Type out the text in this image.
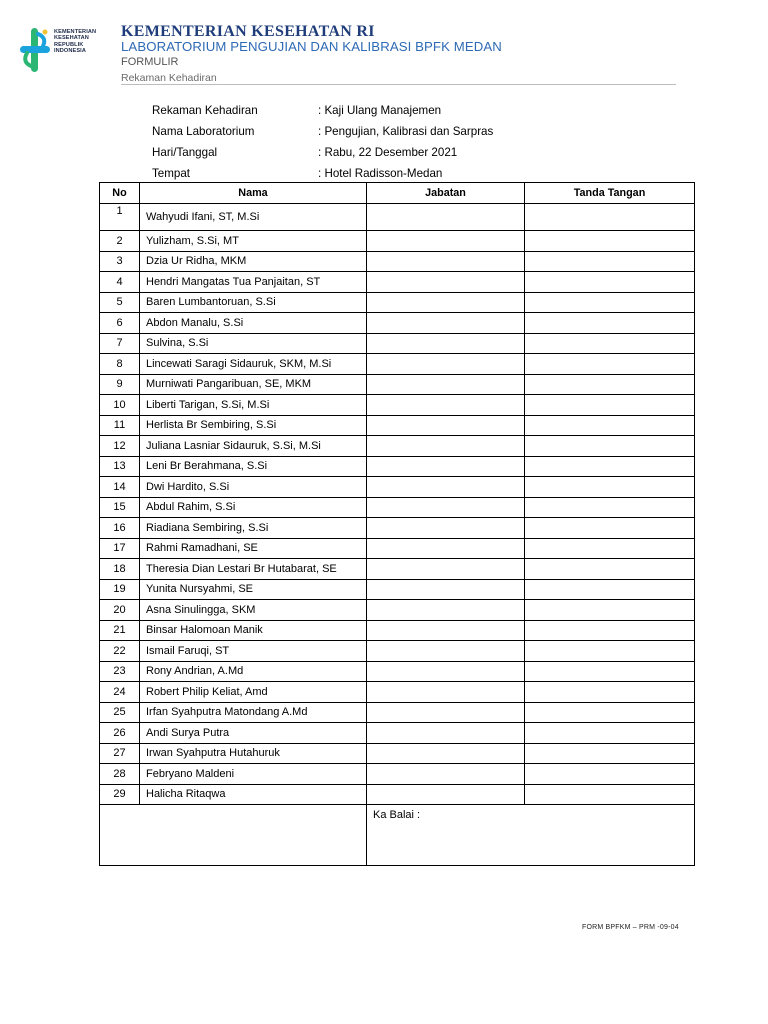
KEMENTERIAN
KESEHATAN
REPUBLIK
INDONESIA
KEMENTERIAN KESEHATAN RI
LABORATORIUM PENGUJIAN DAN KALIBRASI BPFK MEDAN
FORMULIR
Rekaman Kehadiran
Rekaman Kehadiran	: Kaji Ulang Manajemen
Nama Laboratorium	: Pengujian, Kalibrasi dan Sarpras
Hari/Tanggal	: Rabu, 22 Desember 2021
Tempat	: Hotel Radisson-Medan
No	Nama	Jabatan	Tanda Tangan
1	Wahyudi Ifani, ST, M.Si		
2	Yulizham, S.Si, MT		
3	Dzia Ur Ridha, MKM		
4	Hendri Mangatas Tua Panjaitan, ST		
5	Baren Lumbantoruan, S.Si		
6	Abdon Manalu, S.Si		
7	Sulvina, S.Si		
8	Lincewati Saragi Sidauruk, SKM, M.Si		
9	Murniwati Pangaribuan, SE, MKM		
10	Liberti Tarigan, S.Si, M.Si		
11	Herlista Br Sembiring, S.Si		
12	Juliana Lasniar Sidauruk, S.Si, M.Si		
13	Leni Br Berahmana, S.Si		
14	Dwi Hardito, S.Si		
15	Abdul Rahim, S.Si		
16	Riadiana Sembiring, S.Si		
17	Rahmi Ramadhani, SE		
18	Theresia Dian Lestari Br Hutabarat, SE		
19	Yunita Nursyahmi, SE		
20	Asna Sinulingga, SKM		
21	Binsar Halomoan Manik		
22	Ismail Faruqi, ST		
23	Rony Andrian, A.Md		
24	Robert Philip Keliat, Amd		
25	Irfan Syahputra Matondang A.Md		
26	Andi Surya Putra		
27	Irwan Syahputra Hutahuruk		
28	Febryano Maldeni		
29	Halicha Ritaqwa		

		Ka Balai :	
FORM BPFKM – PRM -09-04
